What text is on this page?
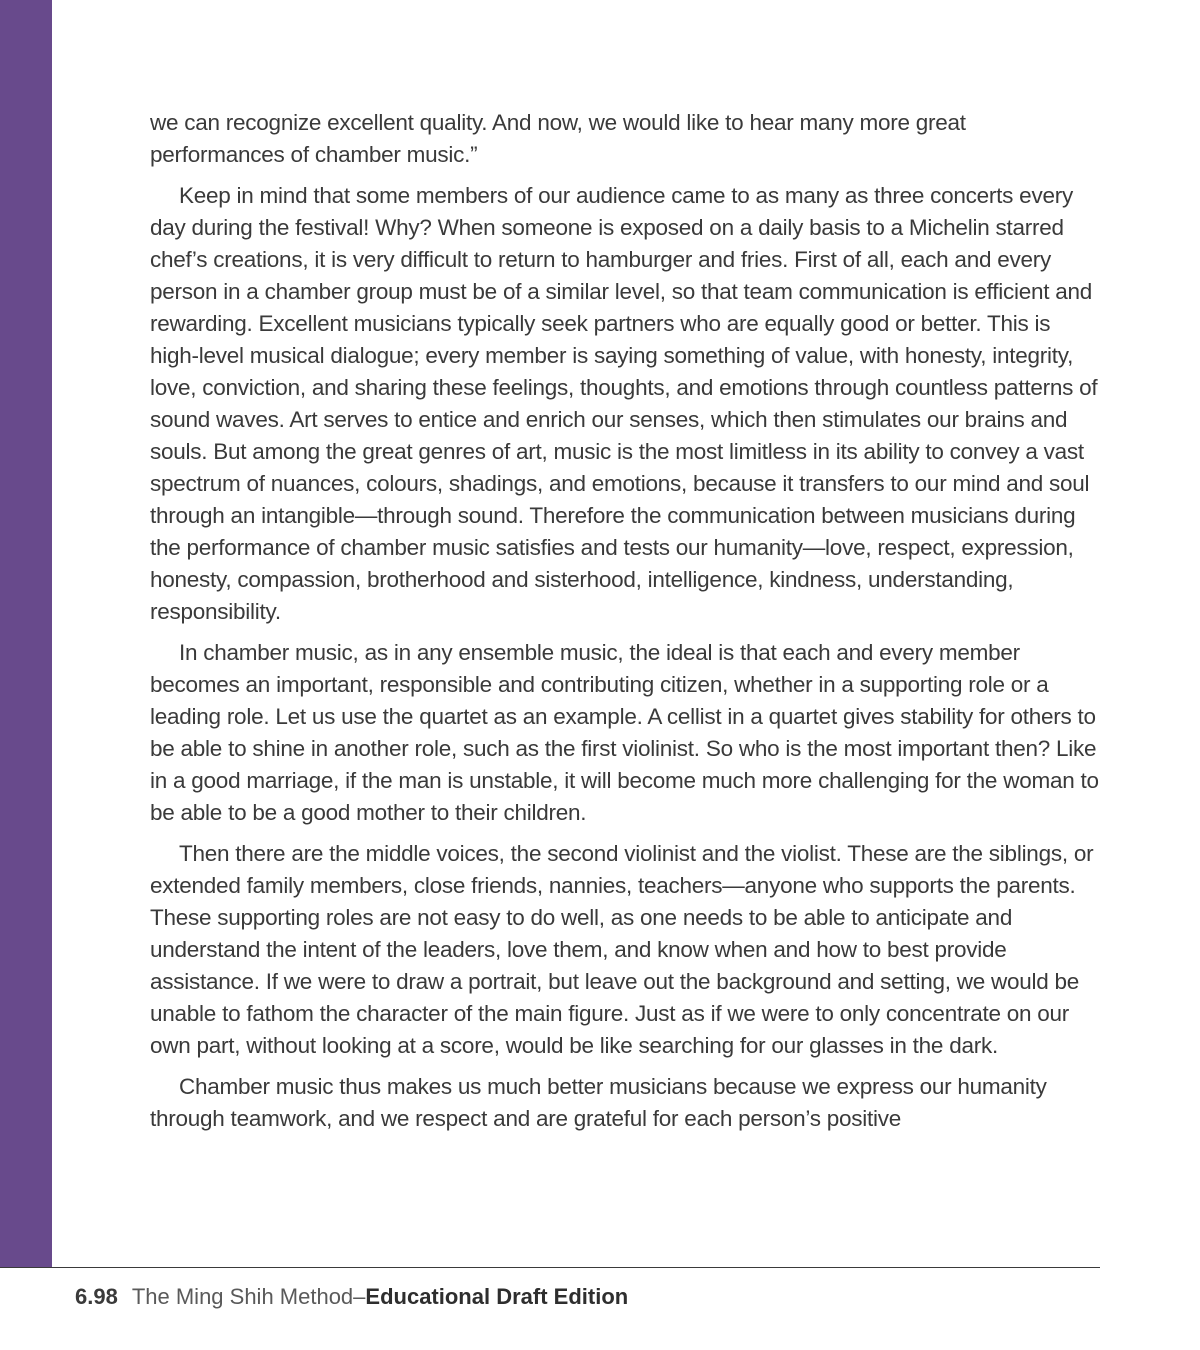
we can recognize excellent quality. And now, we would like to hear many more great performances of chamber music.”

Keep in mind that some members of our audience came to as many as three concerts every day during the festival! Why? When someone is exposed on a daily basis to a Michelin starred chef’s creations, it is very difficult to return to hamburger and fries. First of all, each and every person in a chamber group must be of a similar level, so that team communication is efficient and rewarding. Excellent musicians typically seek partners who are equally good or better. This is high-level musical dialogue; every member is saying something of value, with honesty, integrity, love, conviction, and sharing these feelings, thoughts, and emotions through countless patterns of sound waves. Art serves to entice and enrich our senses, which then stimulates our brains and souls. But among the great genres of art, music is the most limitless in its ability to convey a vast spectrum of nuances, colours, shadings, and emotions, because it transfers to our mind and soul through an intangible—through sound. Therefore the communication between musicians during the performance of chamber music satisfies and tests our humanity—love, respect, expression, honesty, compassion, brotherhood and sisterhood, intelligence, kindness, understanding, responsibility.

In chamber music, as in any ensemble music, the ideal is that each and every member becomes an important, responsible and contributing citizen, whether in a supporting role or a leading role. Let us use the quartet as an example. A cellist in a quartet gives stability for others to be able to shine in another role, such as the first violinist. So who is the most important then? Like in a good marriage, if the man is unstable, it will become much more challenging for the woman to be able to be a good mother to their children.

Then there are the middle voices, the second violinist and the violist. These are the siblings, or extended family members, close friends, nannies, teachers—anyone who supports the parents. These supporting roles are not easy to do well, as one needs to be able to anticipate and understand the intent of the leaders, love them, and know when and how to best provide assistance. If we were to draw a portrait, but leave out the background and setting, we would be unable to fathom the character of the main figure. Just as if we were to only concentrate on our own part, without looking at a score, would be like searching for our glasses in the dark.

Chamber music thus makes us much better musicians because we express our humanity through teamwork, and we respect and are grateful for each person’s positive

6.98 The Ming Shih Method–Educational Draft Edition
